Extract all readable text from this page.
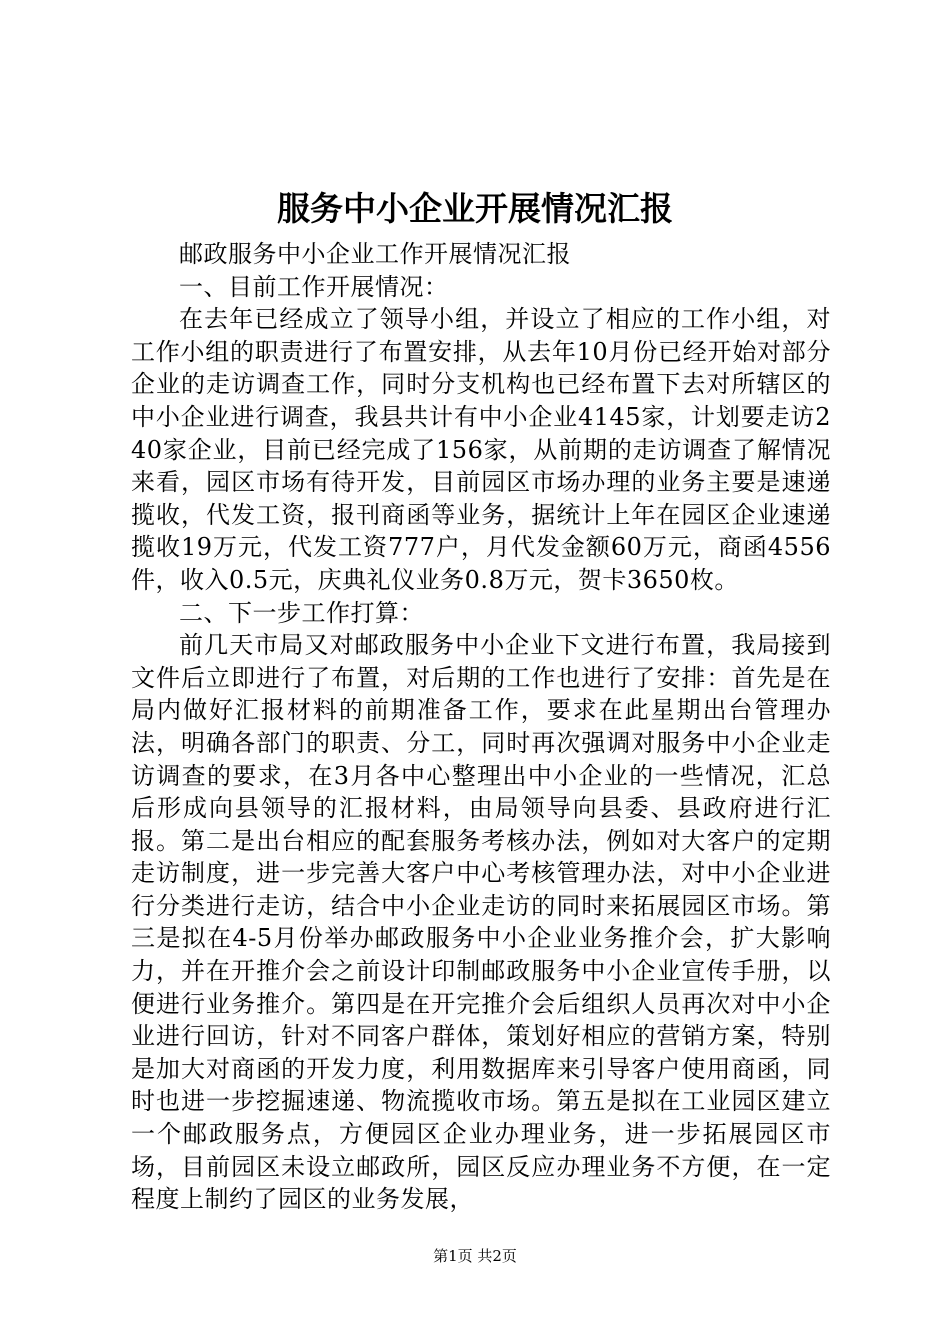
服务中小企业开展情况汇报

邮政服务中小企业工作开展情况汇报

一、目前工作开展情况：

在去年已经成立了领导小组，并设立了相应的工作小组，对工作小组的职责进行了布置安排，从去年10月份已经开始对部分企业的走访调查工作，同时分支机构也已经布置下去对所辖区的中小企业进行调查，我县共计有中小企业4145家，计划要走访240家企业，目前已经完成了156家，从前期的走访调查了解情况来看，园区市场有待开发，目前园区市场办理的业务主要是速递揽收，代发工资，报刊商函等业务，据统计上年在园区企业速递揽收19万元，代发工资777户，月代发金额60万元，商函4556件，收入0.5元，庆典礼仪业务0.8万元，贺卡3650枚。

二、下一步工作打算：

前几天市局又对邮政服务中小企业下文进行布置，我局接到文件后立即进行了布置，对后期的工作也进行了安排：首先是在局内做好汇报材料的前期准备工作，要求在此星期出台管理办法，明确各部门的职责、分工，同时再次强调对服务中小企业走访调查的要求，在3月各中心整理出中小企业的一些情况，汇总后形成向县领导的汇报材料，由局领导向县委、县政府进行汇报。第二是出台相应的配套服务考核办法，例如对大客户的定期走访制度，进一步完善大客户中心考核管理办法，对中小企业进行分类进行走访，结合中小企业走访的同时来拓展园区市场。第三是拟在4-5月份举办邮政服务中小企业业务推介会，扩大影响力，并在开推介会之前设计印制邮政服务中小企业宣传手册，以便进行业务推介。第四是在开完推介会后组织人员再次对中小企业进行回访，针对不同客户群体，策划好相应的营销方案，特别是加大对商函的开发力度，利用数据库来引导客户使用商函，同时也进一步挖掘速递、物流揽收市场。第五是拟在工业园区建立一个邮政服务点，方便园区企业办理业务，进一步拓展园区市场，目前园区未设立邮政所，园区反应办理业务不方便，在一定程度上制约了园区的业务发展，

第1页 共2页
